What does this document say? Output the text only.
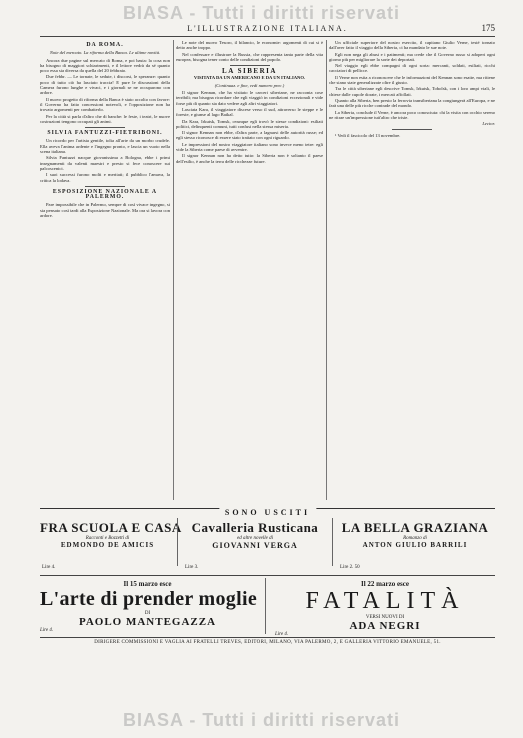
BIASA - Tutti i diritti riservati
L'ILLUSTRAZIONE ITALIANA.	175
DA ROMA.
Note del mercato. La riforma della Banca. Le ultime novità.

Ancora due pagine sul mercato di Roma, e poi basta: la cosa non ha bisogno di maggiori schiarimenti, e il lettore vedrà da sé quanto poco essa sia diversa da quella del 20 febbraio.

Due febbr. — Le tornate, le sedute, i discorsi, le speranze: quanto poco di tutto ciò ha lasciato traccia! E pure le discussioni della Camera furono lunghe e vivaci, e i giornali se ne occuparono con ardore.

Il nuovo progetto di riforma della Banca è stato accolto con favore: il Governo ha fatto concessioni notevoli, e l'opposizione non ha trovato argomenti per combatterlo.

Per la città si parla d'altro che di banche: le feste, i teatri, le nuove costruzioni tengono occupati gli animi.

SILVIA FANTUZZI-FIETRIBONI.

Un ricordo per l'artista gentile, tolta all'arte da un morbo crudele. Ella aveva l'anima ardente e l'ingegno pronto, e lascia un vuoto nella scena italiana.

Silvia Fantuzzi nacque giovanissima a Bologna, ebbe i primi insegnamenti da valenti maestri e presto si fece conoscere sui palcoscenici.

I suoi successi furono molti e meritati; il pubblico l'amava, la critica la lodava.

ESPOSIZIONE NAZIONALE A PALERMO.

Pare impossibile che in Palermo, sempre di così vivace ingegno, si sia pensato così tardi alla Esposizione Nazionale. Ma ora si lavora con ardore.

Le note del nuovo Tesoro, il bilancio, le economie: argomenti di cui si è detto anche troppo.

Nel confessare e illustrare la Russia, che rappresenta tanta parte della vita europea, bisogna tener conto delle condizioni del popolo.

LA SIBERIA
VISITATA DA UN AMERICANO E DA UN ITALIANO.
(Continuaz. e fine, vedi numero prec.)

Il signor Kennan, che ha visitato le carceri siberiane, ne racconta cose terribili; ma bisogna ricordare che egli viaggiò in condizioni eccezionali e vide forse più di quanto sia dato vedere agli altri viaggiatori.

Lasciata Kara, il viaggiatore discese verso il sud, attraverso le steppe e le foreste, e giunse al lago Baikal.

Da Kara, Irkutsk, Tomsk, ovunque egli trovò le stesse condizioni: esiliati politici, delinquenti comuni, tutti confusi nella stessa miseria.

Il signor Kennan non ebbe, d'altra parte, a lagnarsi delle autorità russe; ed egli stesso riconosce di essere stato trattato con ogni riguardo.

Le impressioni del nostro viaggiatore italiano sono invece meno tetre: egli vide la Siberia come paese di avvenire.

Il signor Kennan non ha detto tutto: la Siberia non è soltanto il paese dell'esilio, è anche la terra delle ricchezze future.

Un ufficiale superiore del nostro esercito, il capitano Giulio Verne, testé tornato dall'aver fatto il viaggio della Siberia, ci ha mandato le sue note.

Egli non nega gli abusi e i patimenti; ma crede che il Governo russo si adoperi ogni giorno più per migliorare la sorte dei deportati.

Nel viaggio egli ebbe compagni di ogni sorta: mercanti, soldati, esiliati, ricchi cacciatori di pellicce.

Il Verne non esita a riconoscere che le informazioni del Kennan sono esatte, ma ritiene che siano state generalizzate oltre il giusto.

Tra le città siberiane egli descrive Tomsk, Irkutsk, Tobolsk, con i loro ampi viali, le chiese dalle cupole dorate, i mercati affollati.

Quanto alla Siberia, ben presto la ferrovia transiberiana la congiungerà all'Europa, e ne farà una delle più ricche contrade del mondo.

La Siberia, conclude il Verne, è ancora poco conosciuta: chi la visita con occhio sereno ne ritrae un'impressione tutt'altro che triste.

Lector.

¹ Vedi il fascicolo del 13 novembre.

SONO USCITI
FRA SCUOLA E CASA
Racconti e Bozzetti di
EDMONDO DE AMICIS
Cavalleria Rusticana
ed altre novelle di
GIOVANNI VERGA
LA BELLA GRAZIANA
Romanzo di
ANTON GIULIO BARRILI
Lire 4.	Lire 3.	Lire 2. 50
Il 15 marzo esce
L'arte di prender moglie
DI
PAOLO MANTEGAZZA
Lire 4.
Il 22 marzo esce
FATALITÀ
VERSI NUOVI DI
ADA NEGRI
Lire 4.
DIRIGERE COMMISSIONI E VAGLIA AI FRATELLI TREVES, EDITORI, MILANO, VIA PALERMO, 2, E GALLERIA VITTORIO EMANUELE, 51.
BIASA - Tutti i diritti riservati
